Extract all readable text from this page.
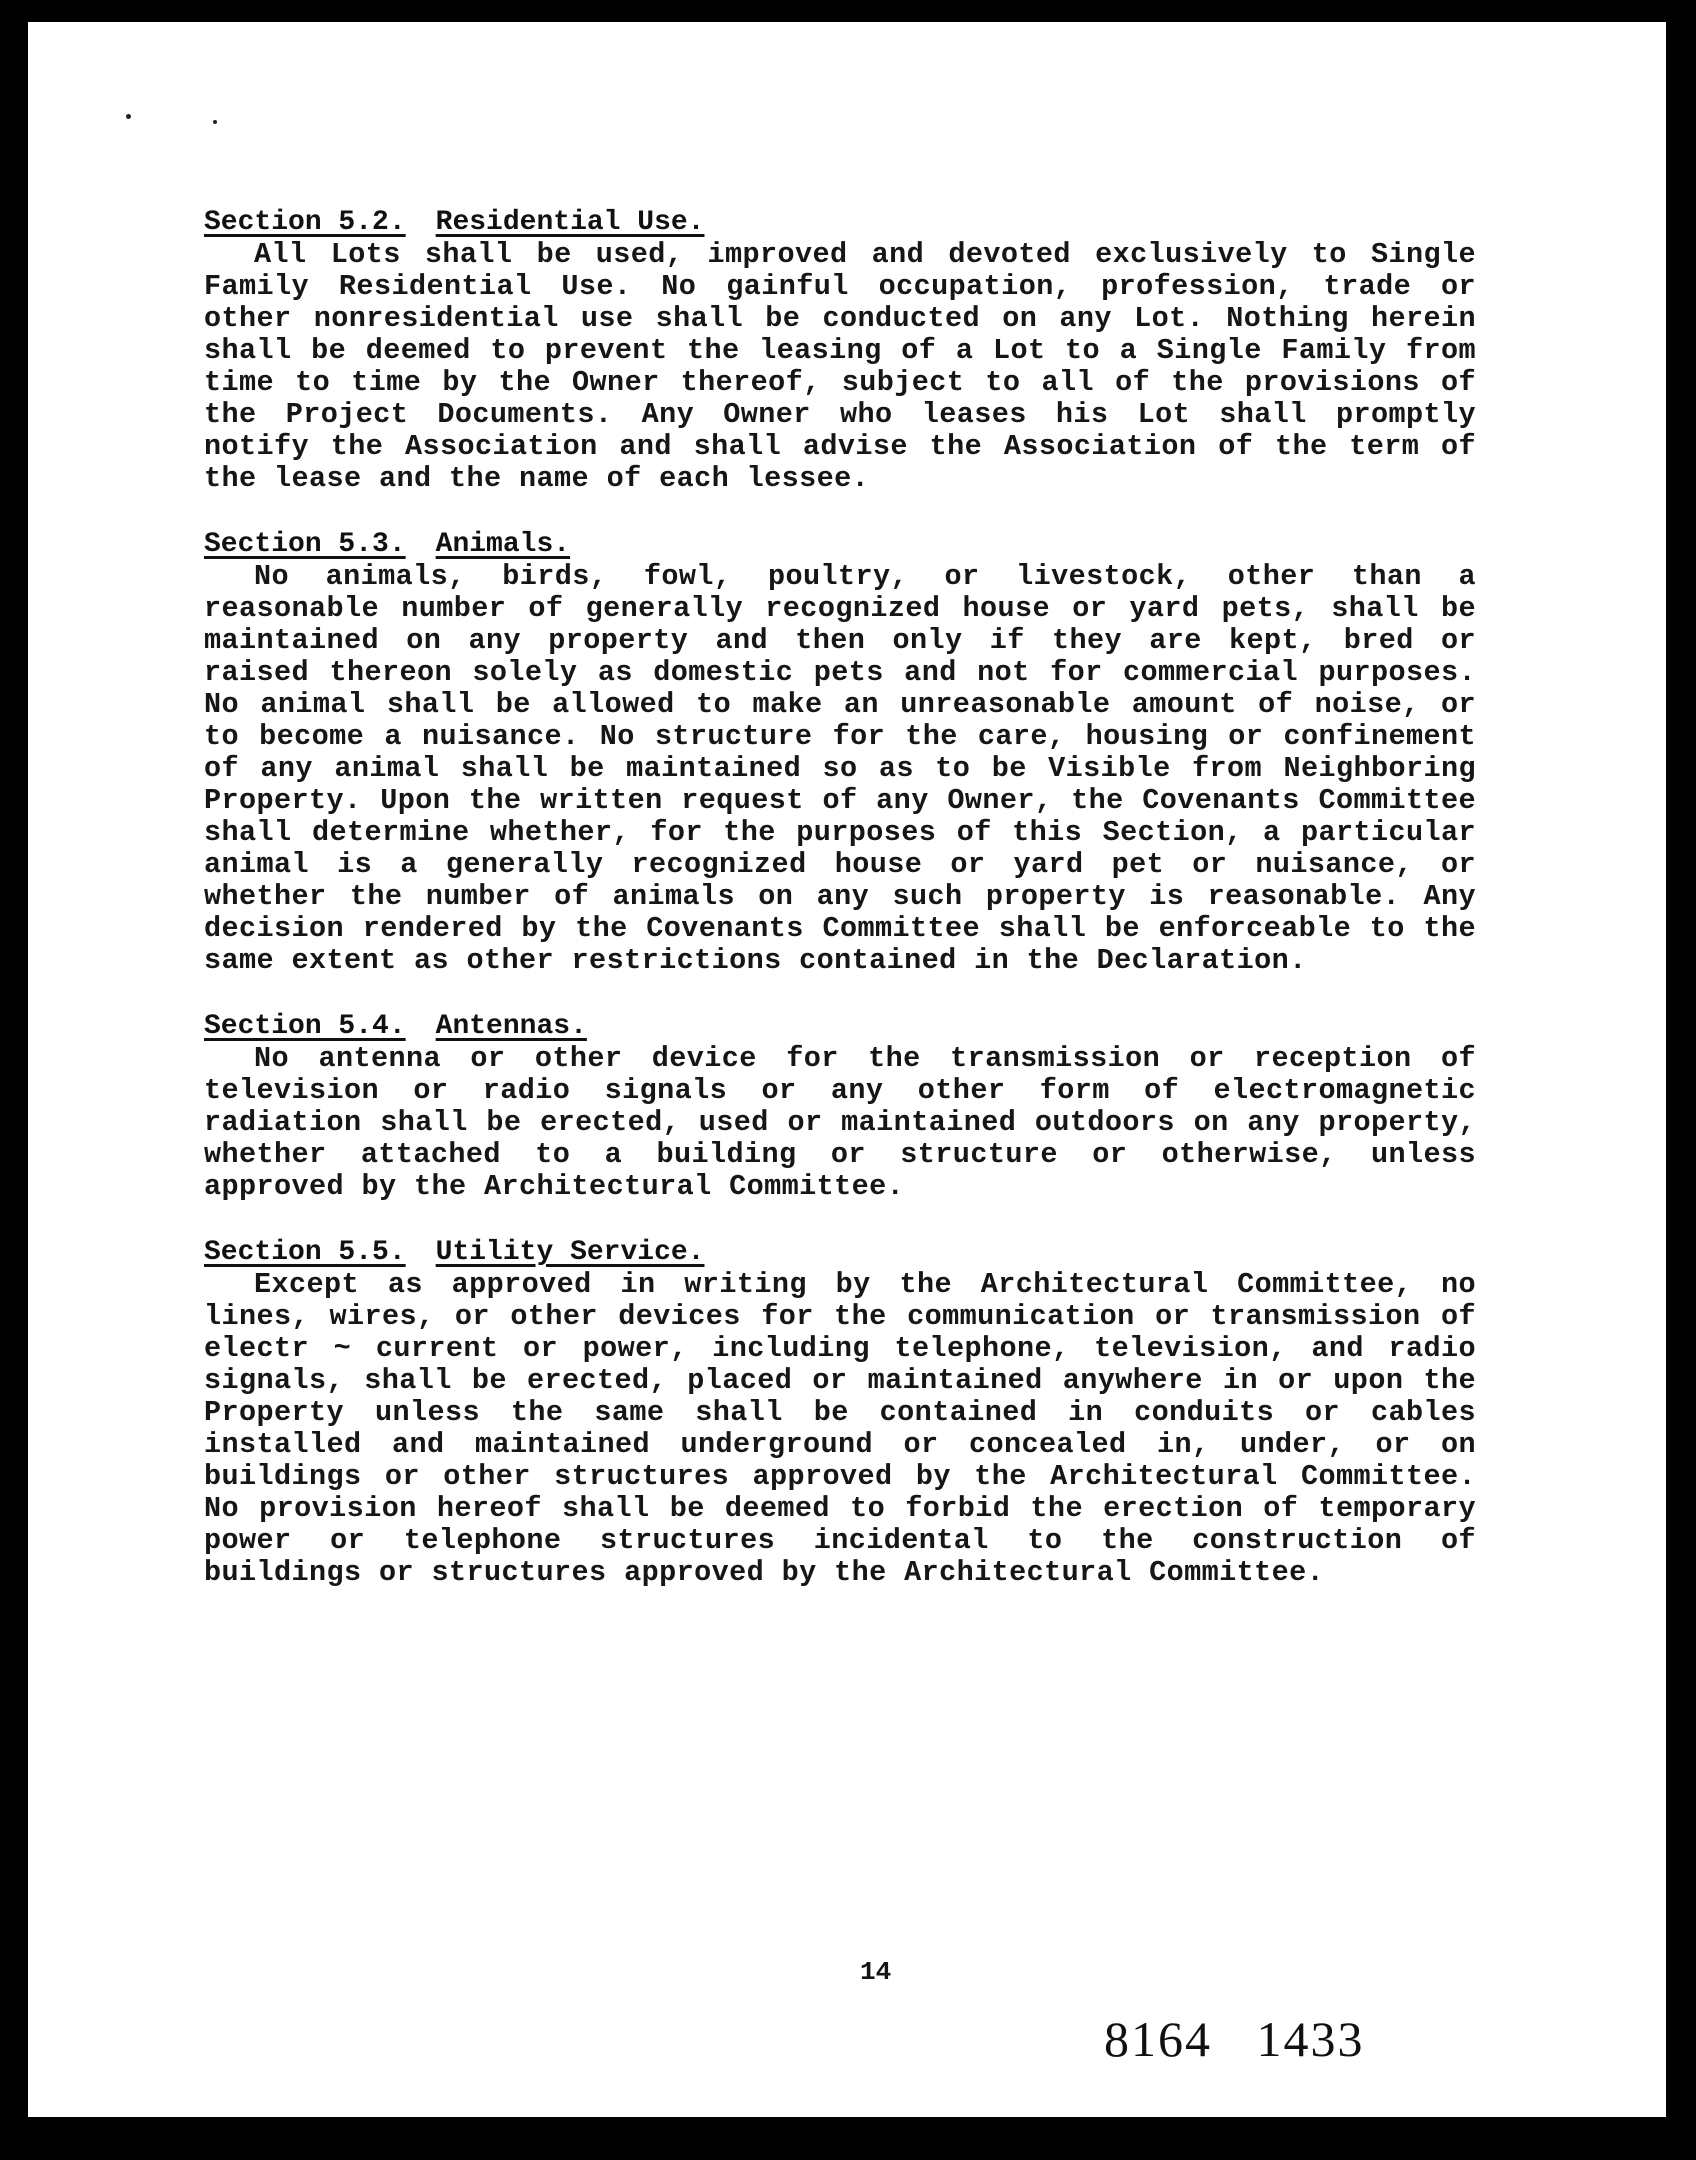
Section 5.2. Residential Use.
All Lots shall be used, improved and devoted exclusively to Single Family Residential Use. No gainful occupation, profession, trade or other nonresidential use shall be conducted on any Lot. Nothing herein shall be deemed to prevent the leasing of a Lot to a Single Family from time to time by the Owner thereof, subject to all of the provisions of the Project Documents. Any Owner who leases his Lot shall promptly notify the Association and shall advise the Association of the term of the lease and the name of each lessee.
Section 5.3. Animals.
No animals, birds, fowl, poultry, or livestock, other than a reasonable number of generally recognized house or yard pets, shall be maintained on any property and then only if they are kept, bred or raised thereon solely as domestic pets and not for commercial purposes. No animal shall be allowed to make an unreasonable amount of noise, or to become a nuisance. No structure for the care, housing or confinement of any animal shall be maintained so as to be Visible from Neighboring Property. Upon the written request of any Owner, the Covenants Committee shall determine whether, for the purposes of this Section, a particular animal is a generally recognized house or yard pet or nuisance, or whether the number of animals on any such property is reasonable. Any decision rendered by the Covenants Committee shall be enforceable to the same extent as other restrictions contained in the Declaration.
Section 5.4. Antennas.
No antenna or other device for the transmission or reception of television or radio signals or any other form of electromagnetic radiation shall be erected, used or maintained outdoors on any property, whether attached to a building or structure or otherwise, unless approved by the Architectural Committee.
Section 5.5. Utility Service.
Except as approved in writing by the Architectural Committee, no lines, wires, or other devices for the communication or transmission of electr ~ current or power, including telephone, television, and radio signals, shall be erected, placed or maintained anywhere in or upon the Property unless the same shall be contained in conduits or cables installed and maintained underground or concealed in, under, or on buildings or other structures approved by the Architectural Committee. No provision hereof shall be deemed to forbid the erection of temporary power or telephone structures incidental to the construction of buildings or structures approved by the Architectural Committee.
14
8164 1433
